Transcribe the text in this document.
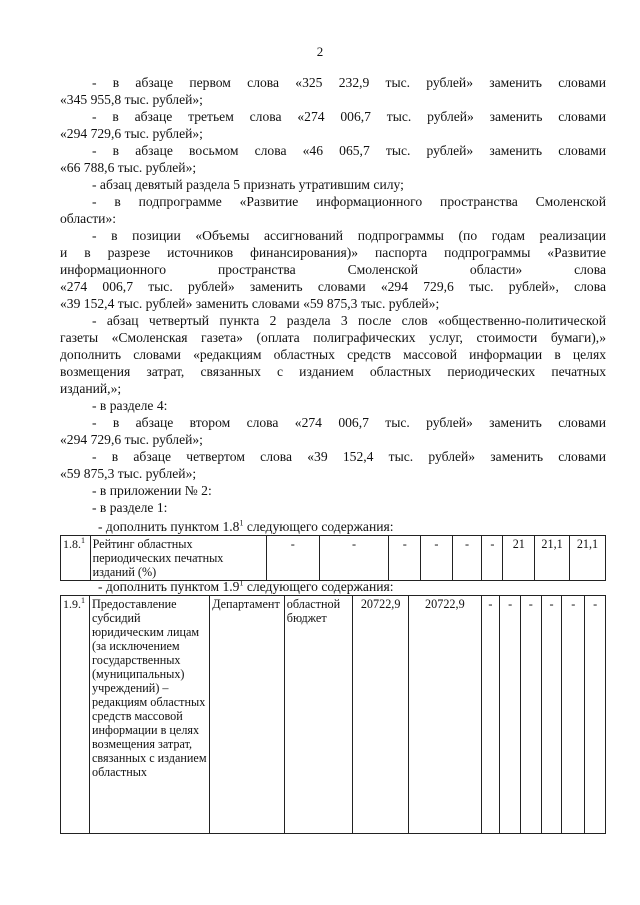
2

- в абзаце первом слова «325 232,9 тыс. рублей» заменить словами

«345 955,8 тыс. рублей»;

- в абзаце третьем слова «274 006,7 тыс. рублей» заменить словами

«294 729,6 тыс. рублей»;

- в абзаце восьмом слова «46 065,7 тыс. рублей» заменить словами

«66 788,6 тыс. рублей»;

- абзац девятый раздела 5 признать утратившим силу;

- в подпрограмме «Развитие информационного пространства Смоленской

области»:

- в позиции «Объемы ассигнований подпрограммы (по годам реализации

и в разрезе источников финансирования)» паспорта подпрограммы «Развитие

информационного пространства Смоленской области» слова

«274 006,7 тыс. рублей» заменить словами «294 729,6 тыс. рублей», слова

«39 152,4 тыс. рублей» заменить словами «59 875,3 тыс. рублей»;

- абзац четвертый пункта 2 раздела 3 после слов «общественно-политической

газеты «Смоленская газета» (оплата полиграфических услуг, стоимости бумаги),»

дополнить словами «редакциям областных средств массовой информации в целях

возмещения затрат, связанных с изданием областных периодических печатных

изданий,»;

- в разделе 4:

- в абзаце втором слова «274 006,7 тыс. рублей» заменить словами

«294 729,6 тыс. рублей»;

- в абзаце четвертом слова «39 152,4 тыс. рублей» заменить словами

«59 875,3 тыс. рублей»;

- в приложении № 2:

- в разделе 1:

- дополнить пунктом $1.8^1$ следующего содержания:
1.8.$^1$	Рейтинг областных периодических печатных изданий (%)	-	-	-	-	-	-	21	21,1	21,1
- дополнить пунктом $1.9^1$ следующего содержания:
1.9.$^1$	Предоставление субсидий юридическим лицам (за исключением государственных (муниципальных) учреждений) – редакциям областных средств массовой информации в целях возмещения затрат, связанных с изданием областных	Департамент	областной бюджет	20722,9	20722,9	-	-	-	-	-	-
